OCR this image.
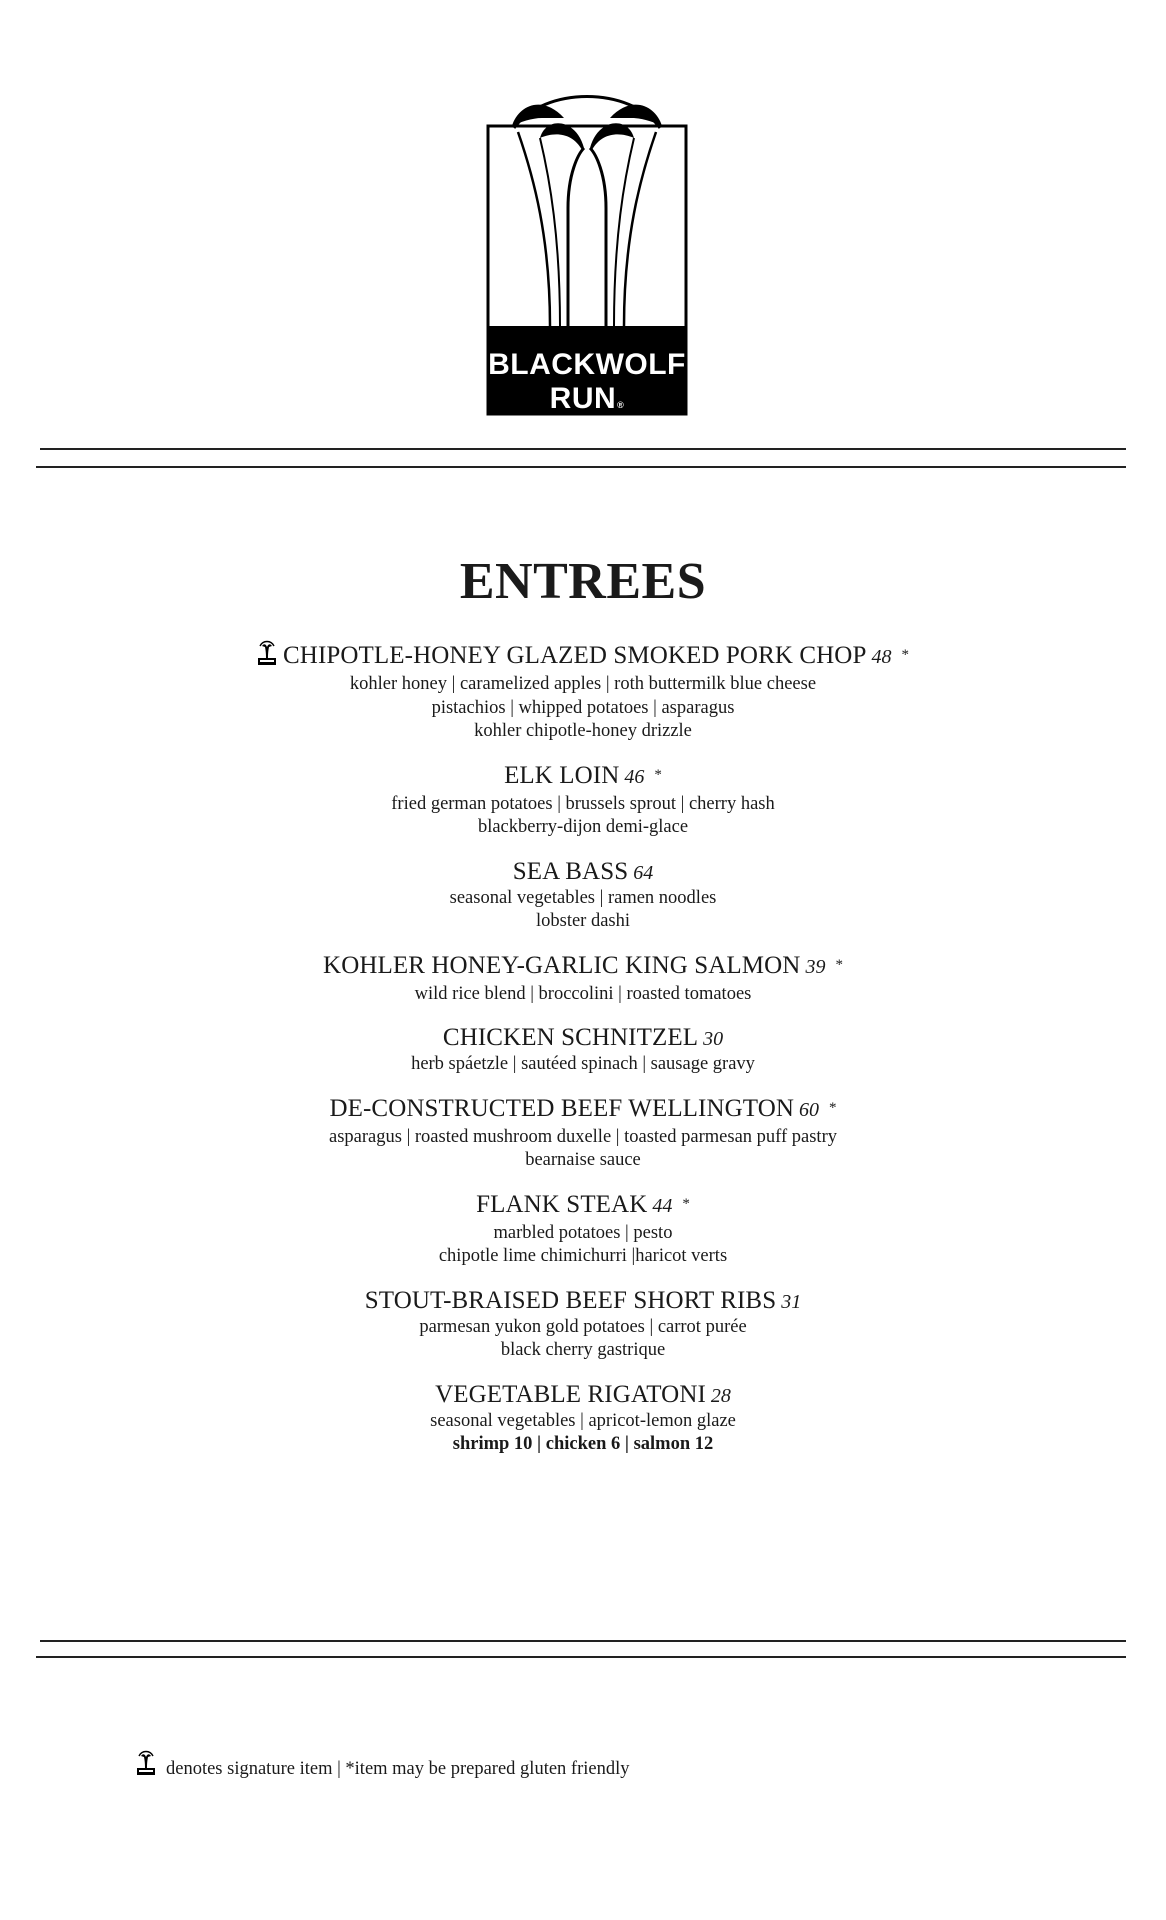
BLACKWOLF
RUN®
ENTREES
CHIPOTLE-HONEY GLAZED SMOKED PORK CHOP 48 *
kohler honey | caramelized apples | roth buttermilk blue cheese
pistachios | whipped potatoes | asparagus
kohler chipotle-honey drizzle
ELK LOIN 46 *
fried german potatoes | brussels sprout | cherry hash
blackberry-dijon demi-glace
SEA BASS 64
seasonal vegetables | ramen noodles
lobster dashi
KOHLER HONEY-GARLIC KING SALMON 39 *
wild rice blend | broccolini | roasted tomatoes
CHICKEN SCHNITZEL 30
herb spáetzle | sautéed spinach | sausage gravy
DE-CONSTRUCTED BEEF WELLINGTON 60 *
asparagus | roasted mushroom duxelle | toasted parmesan puff pastry
bearnaise sauce
FLANK STEAK 44 *
marbled potatoes | pesto
chipotle lime chimichurri |haricot verts
STOUT-BRAISED BEEF SHORT RIBS 31
parmesan yukon gold potatoes | carrot purée
black cherry gastrique
VEGETABLE RIGATONI 28
seasonal vegetables | apricot-lemon glaze
shrimp 10 | chicken 6 | salmon 12
denotes signature item | *item may be prepared gluten friendly
